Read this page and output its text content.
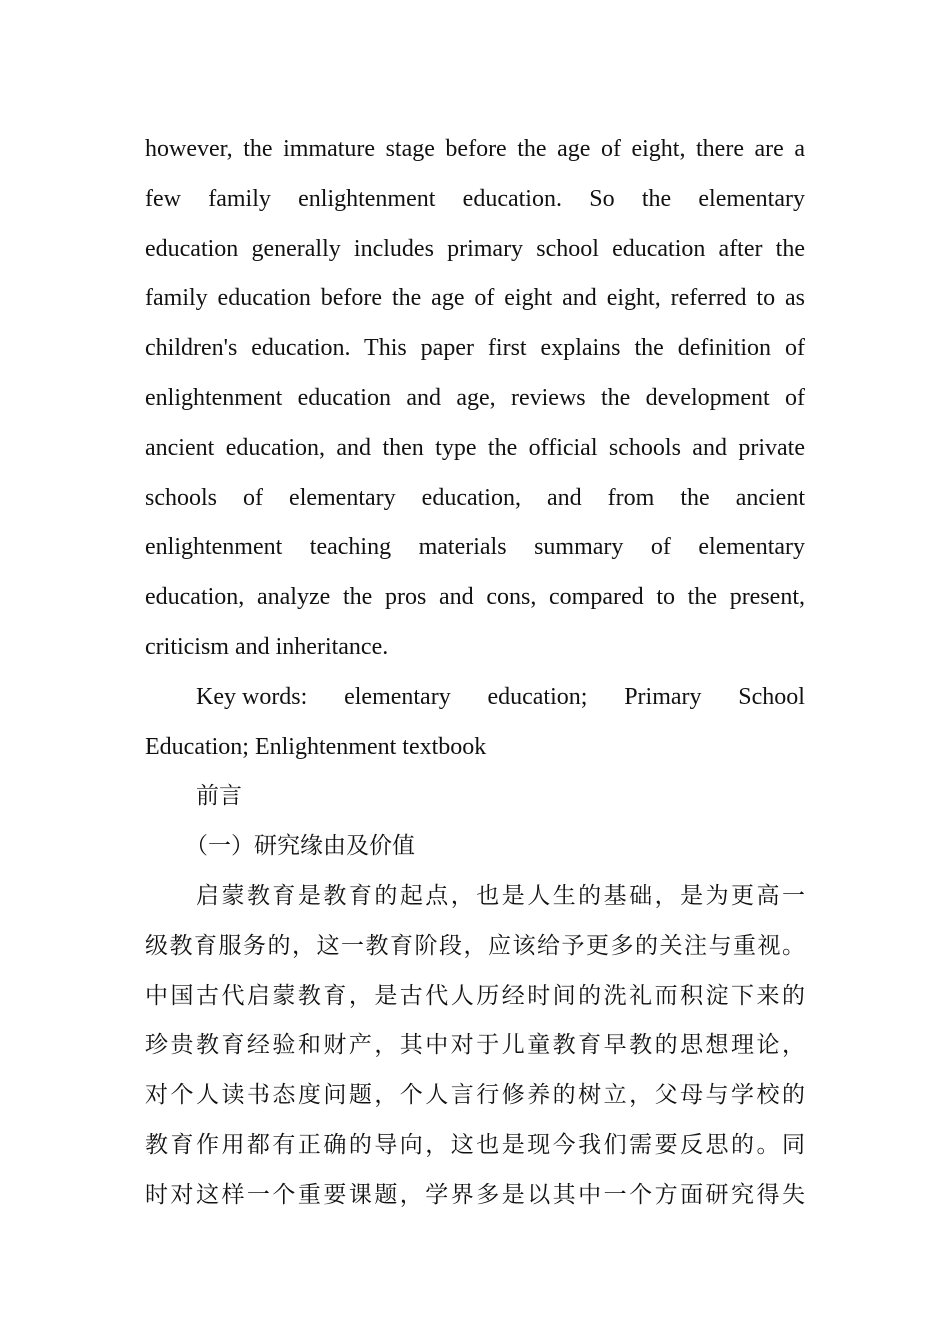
however, the immature stage before the age of eight, there are a
few family enlightenment education. So the elementary
education generally includes primary school education after the
family education before the age of eight and eight, referred to as
children's education. This paper first explains the definition of
enlightenment education and age, reviews the development of
ancient education, and then type the official schools and private
schools of elementary education, and from the ancient
enlightenment teaching materials summary of elementary
education, analyze the pros and cons, compared to the present,
criticism and inheritance.
Key words: elementary education; Primary School
Education; Enlightenment textbook
前言
（一）研究缘由及价值
启蒙教育是教育的起点，也是人生的基础，是为更高一
级教育服务的，这一教育阶段，应该给予更多的关注与重视。
中国古代启蒙教育，是古代人历经时间的洗礼而积淀下来的
珍贵教育经验和财产，其中对于儿童教育早教的思想理论，
对个人读书态度问题，个人言行修养的树立，父母与学校的
教育作用都有正确的导向，这也是现今我们需要反思的。同
时对这样一个重要课题，学界多是以其中一个方面研究得失
